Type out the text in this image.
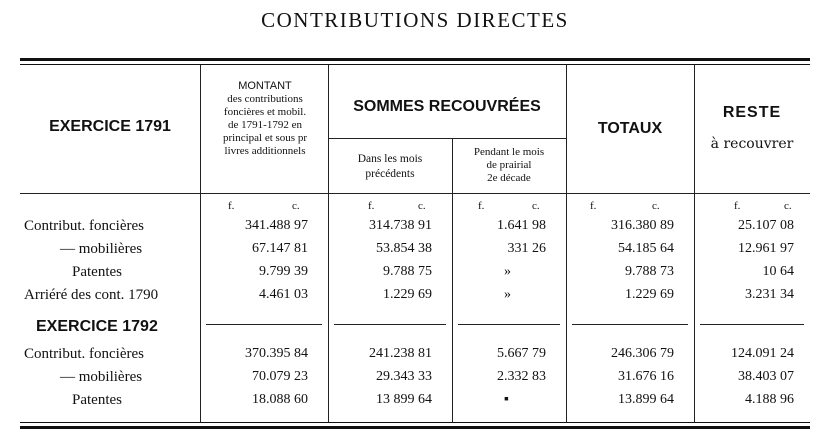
CONTRIBUTIONS DIRECTES
EXERCICE 1791
MONTANT
des contributions
foncières et mobil.
de 1791-1792 en
principal et sous pr
livres additionnels
SOMMES RECOUVRÉES
Dans les mois
précédents
Pendant le mois
de prairial
2e décade
TOTAUX
RESTE
à recouvrer
f.	c.	f.	c.	f.	c.	f.	c.	f.	c.
EXERCICE 1792
Contribut. foncières	341.488 97	314.738 91	1.641 98	316.380 89	25.107 08
— mobilières	67.147 81	53.854 38	331 26	54.185 64	12.961 97
Patentes	9.799 39	9.788 75	»	9.788 73	10 64
Arriéré des cont. 1790	4.461 03	1.229 69	»	1.229 69	3.231 34
Contribut. foncières	370.395 84	241.238 81	5.667 79	246.306 79	124.091 24
— mobilières	70.079 23	29.343 33	2.332 83	31.676 16	38.403 07
Patentes	18.088 60	13 899 64	▪	13.899 64	4.188 96
